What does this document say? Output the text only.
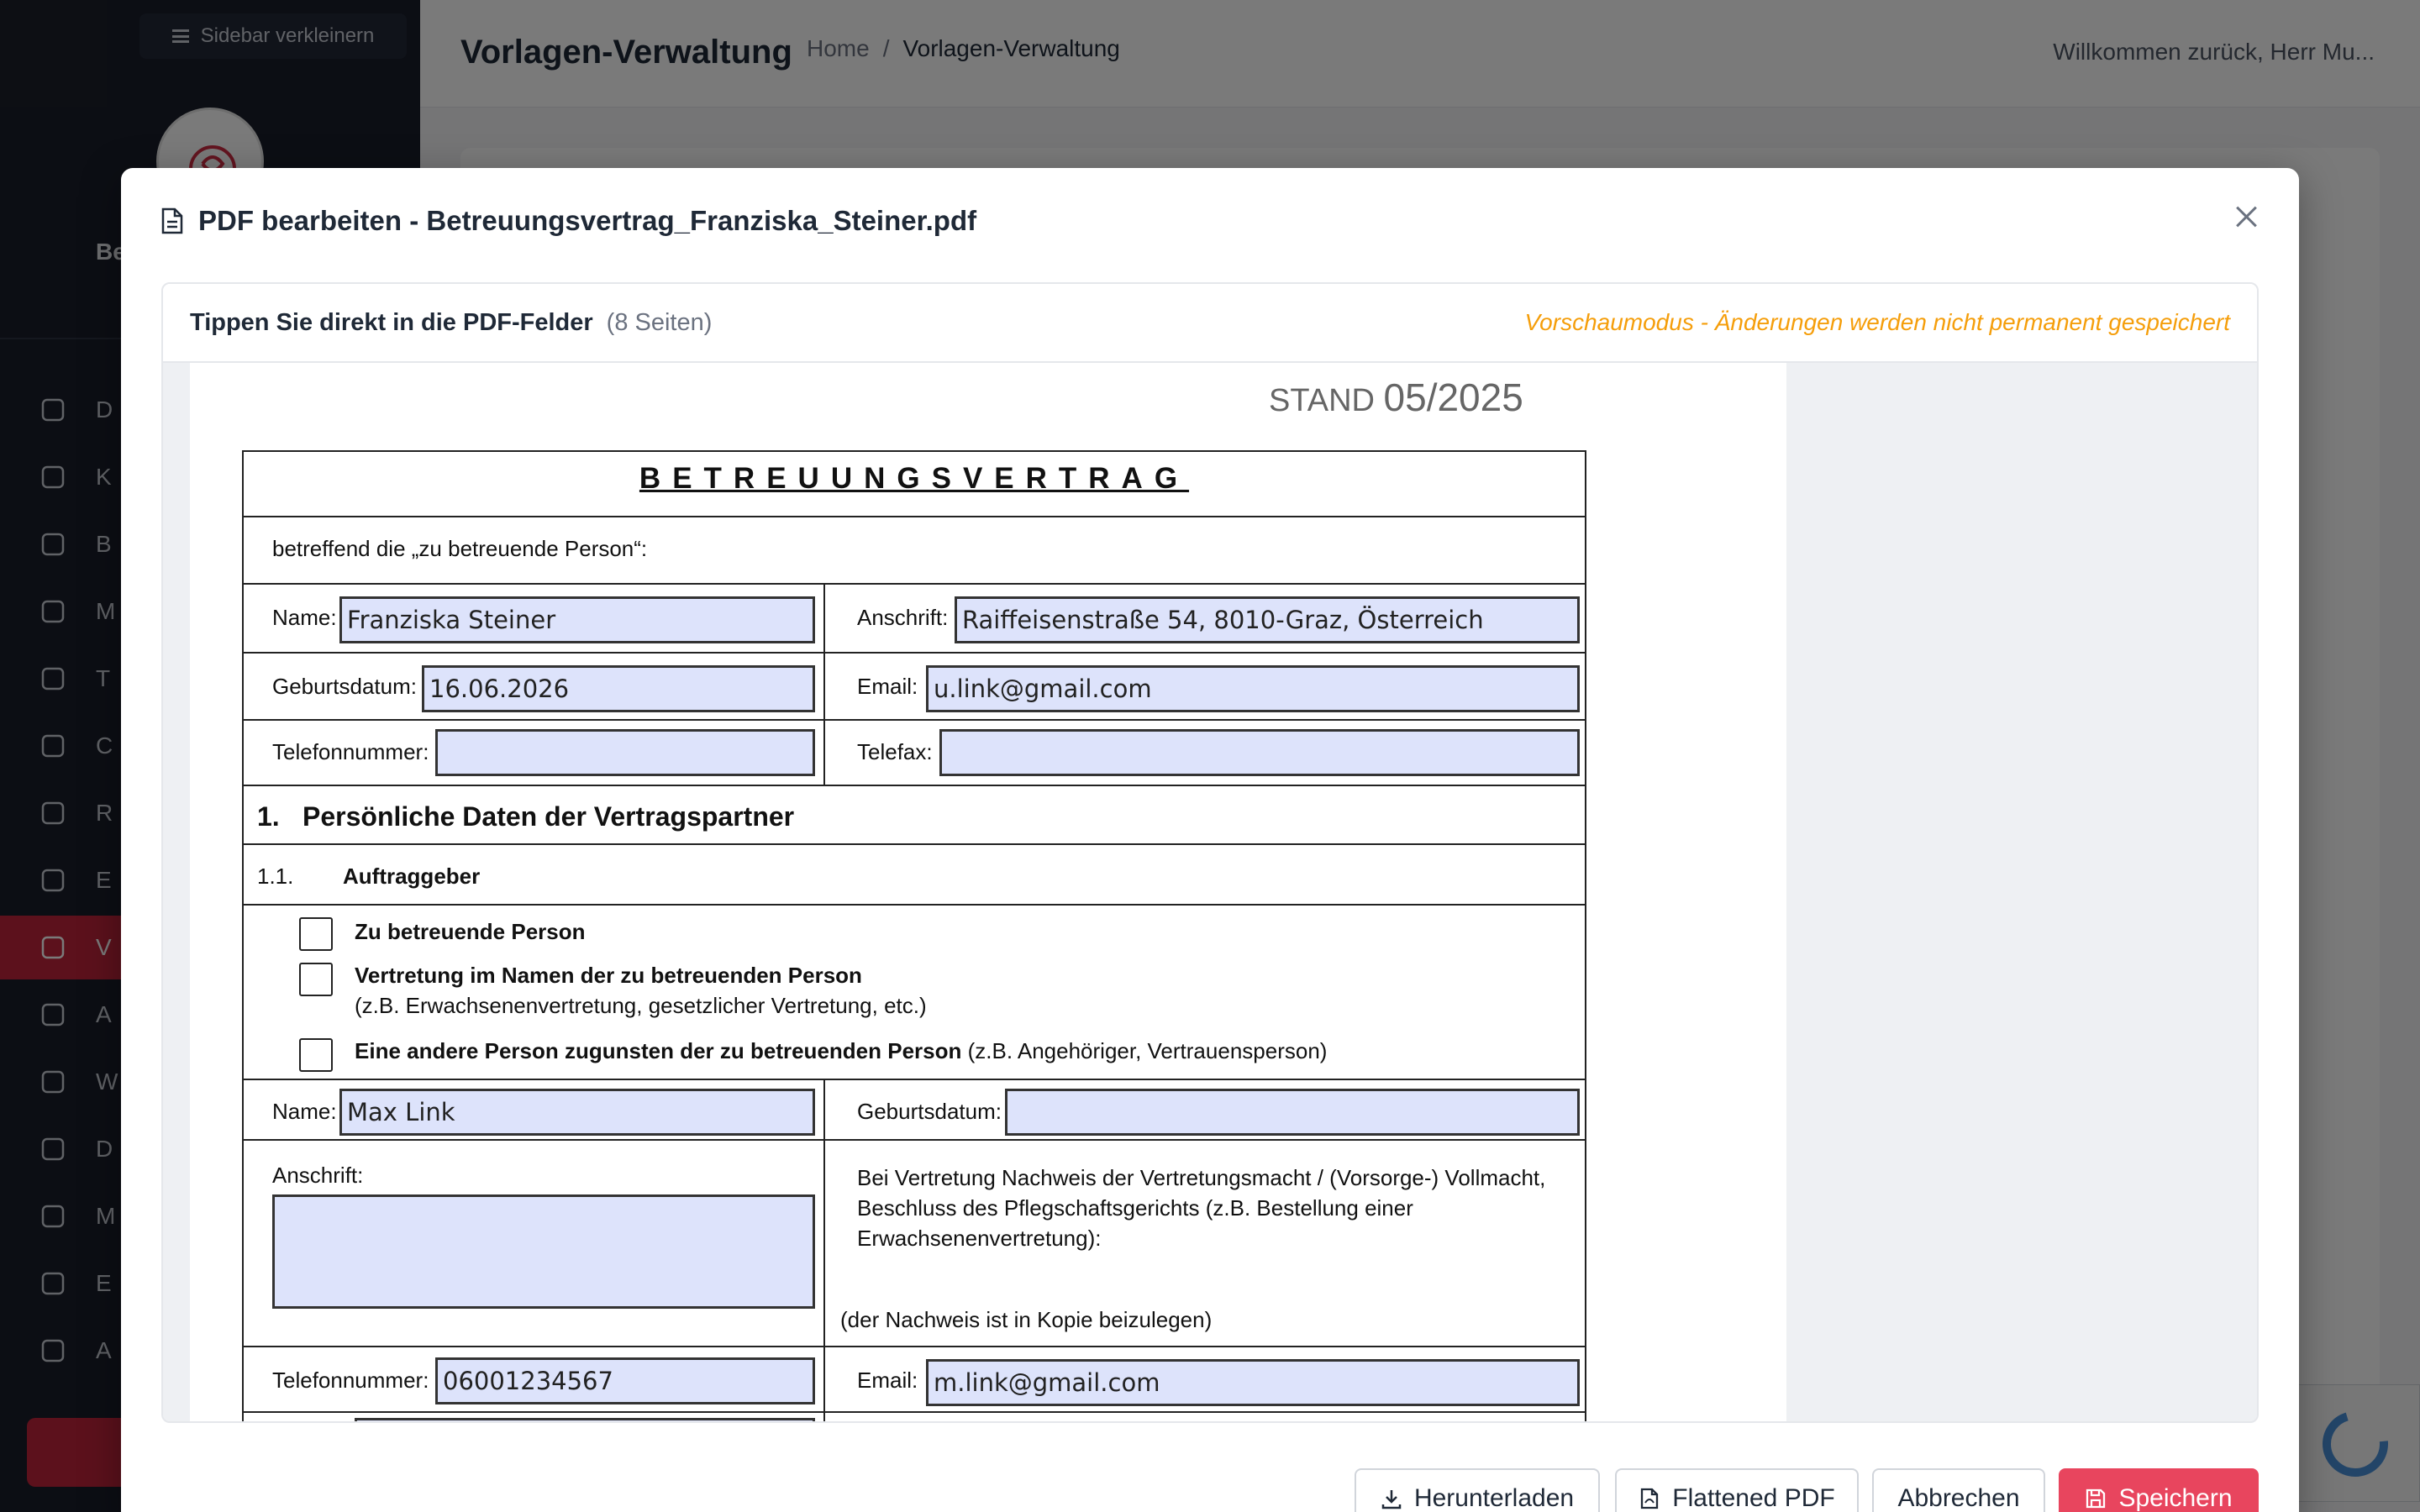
PDF bearbeiten - Betreuungsvertrag_Franziska_Steiner.pdf
Tippen Sie direkt in die PDF-Felder (8 Seiten)	Vorschaumodus - Änderungen werden nicht permanent gespeichert
STAND 05/2025
BETREUUNGSVERTRAG
betreffend die „zu betreuende Person“:
Name: Franziska Steiner	Anschrift: Raiffeisenstraße 54, 8010-Graz, Österreich
Geburtsdatum: 16.06.2026	Email: u.link@gmail.com
Telefonnummer:	Telefax:
1. Persönliche Daten der Vertragspartner
1.1. Auftraggeber
Zu betreuende Person
Vertretung im Namen der zu betreuenden Person
(z.B. Erwachsenenvertretung, gesetzlicher Vertretung, etc.)
Eine andere Person zugunsten der zu betreuenden Person (z.B. Angehöriger, Vertrauensperson)
Name: Max Link	Geburtsdatum:
Anschrift:	Bei Vertretung Nachweis der Vertretungsmacht / (Vorsorge-) Vollmacht, Beschluss des Pflegschaftsgerichts (z.B. Bestellung einer Erwachsenenvertretung):
(der Nachweis ist in Kopie beizulegen)
Telefonnummer: 06001234567	Email: m.link@gmail.com
Herunterladen	Flattened PDF Abbrechen	Speichern
